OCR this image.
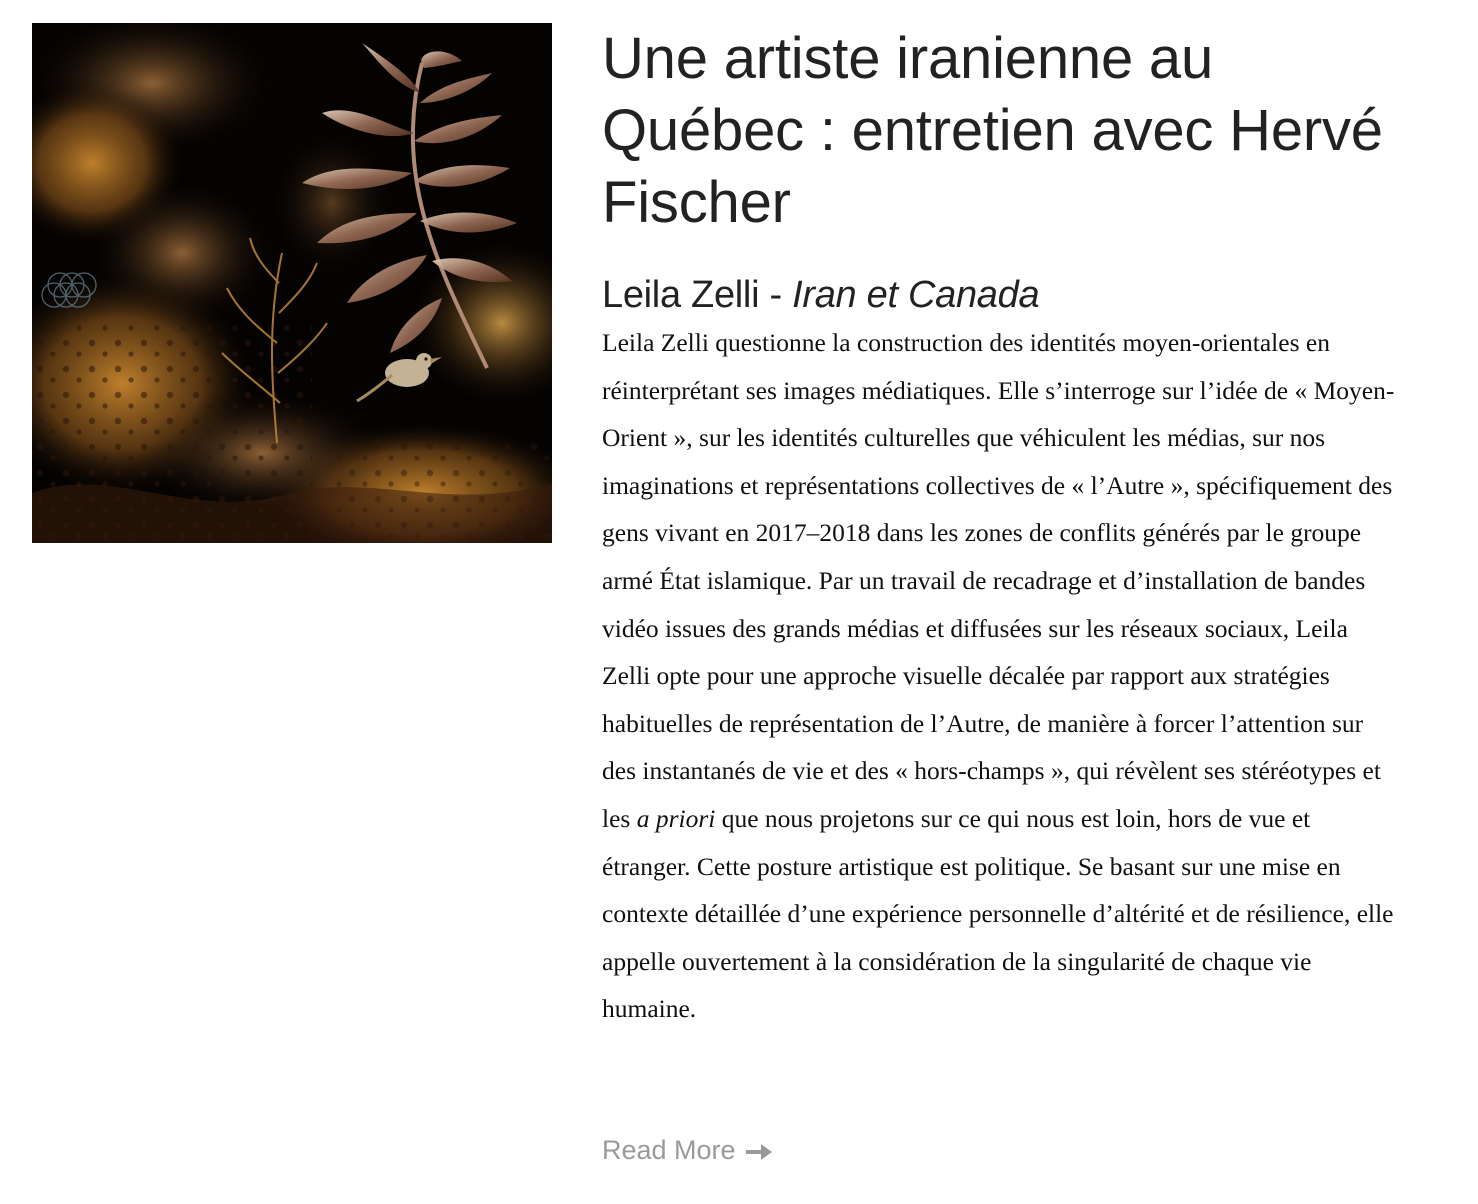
Une artiste iranienne au Québec : entretien avec Hervé Fischer
Leila Zelli - Iran et Canada

Leila Zelli questionne la construction des identités moyen-orientales en réinterprétant ses images médiatiques. Elle s’interroge sur l’idée de « Moyen-Orient », sur les identités culturelles que véhiculent les médias, sur nos imaginations et représentations collectives de « l’Autre », spécifiquement des gens vivant en 2017–2018 dans les zones de conflits générés par le groupe armé État islamique. Par un travail de recadrage et d’installation de bandes vidéo issues des grands médias et diffusées sur les réseaux sociaux, Leila Zelli opte pour une approche visuelle décalée par rapport aux stratégies habituelles de représentation de l’Autre, de manière à forcer l’attention sur des instantanés de vie et des « hors-champs », qui révèlent ses stéréotypes et les a priori que nous projetons sur ce qui nous est loin, hors de vue et étranger. Cette posture artistique est politique. Se basant sur une mise en contexte détaillée d’une expérience personnelle d’altérité et de résilience, elle appelle ouvertement à la considération de la singularité de chaque vie humaine.

Read More
